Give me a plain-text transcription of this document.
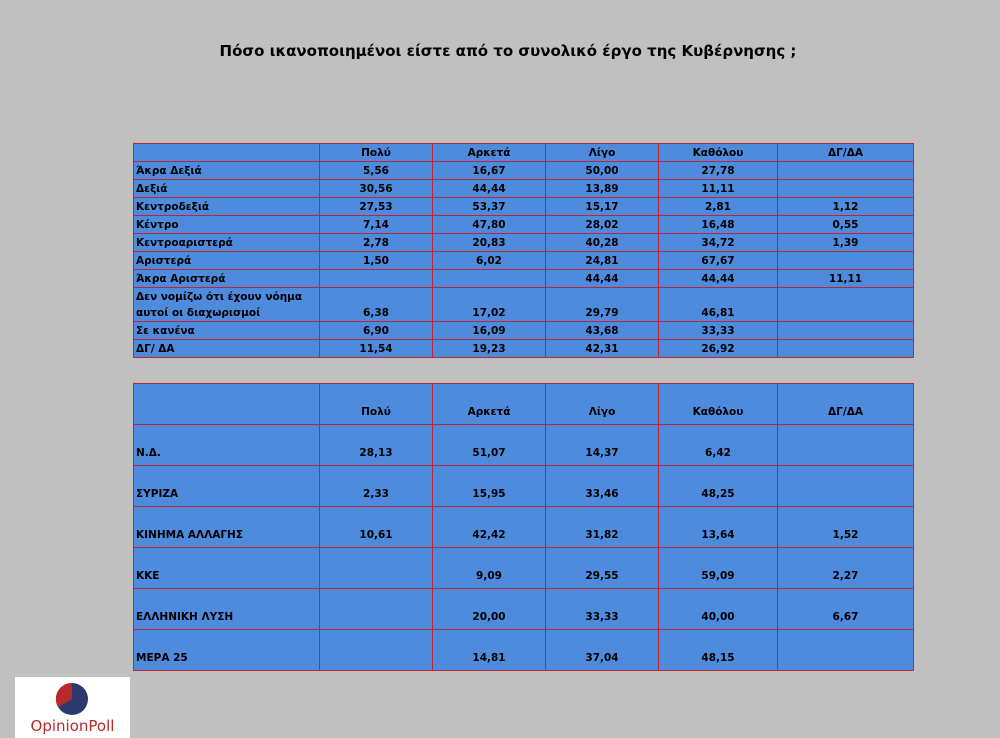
Πόσο ικανοποιημένοι είστε από το συνολικό έργο της Κυβέρνησης ;
	Πολύ	Αρκετά	Λίγο	Καθόλου	ΔΓ/ΔΑ
Άκρα Δεξιά	5,56	16,67	50,00	27,78	
Δεξιά	30,56	44,44	13,89	11,11	
Κεντροδεξιά	27,53	53,37	15,17	2,81	1,12
Κέντρο	7,14	47,80	28,02	16,48	0,55
Κεντροαριστερά	2,78	20,83	40,28	34,72	1,39
Αριστερά	1,50	6,02	24,81	67,67	
Άκρα Αριστερά			44,44	44,44	11,11
Δεν νομίζω ότι έχουν νόημα αυτοί οι διαχωρισμοί	6,38	17,02	29,79	46,81	
Σε κανένα	6,90	16,09	43,68	33,33	
ΔΓ/ ΔΑ	11,54	19,23	42,31	26,92	
	Πολύ	Αρκετά	Λίγο	Καθόλου	ΔΓ/ΔΑ
Ν.Δ.	28,13	51,07	14,37	6,42	
ΣΥΡΙΖΑ	2,33	15,95	33,46	48,25	
ΚΙΝΗΜΑ ΑΛΛΑΓΗΣ	10,61	42,42	31,82	13,64	1,52
ΚΚΕ		9,09	29,55	59,09	2,27
ΕΛΛΗΝΙΚΗ ΛΥΣΗ		20,00	33,33	40,00	6,67
ΜΕΡΑ 25		14,81	37,04	48,15	
OpinionPoll
